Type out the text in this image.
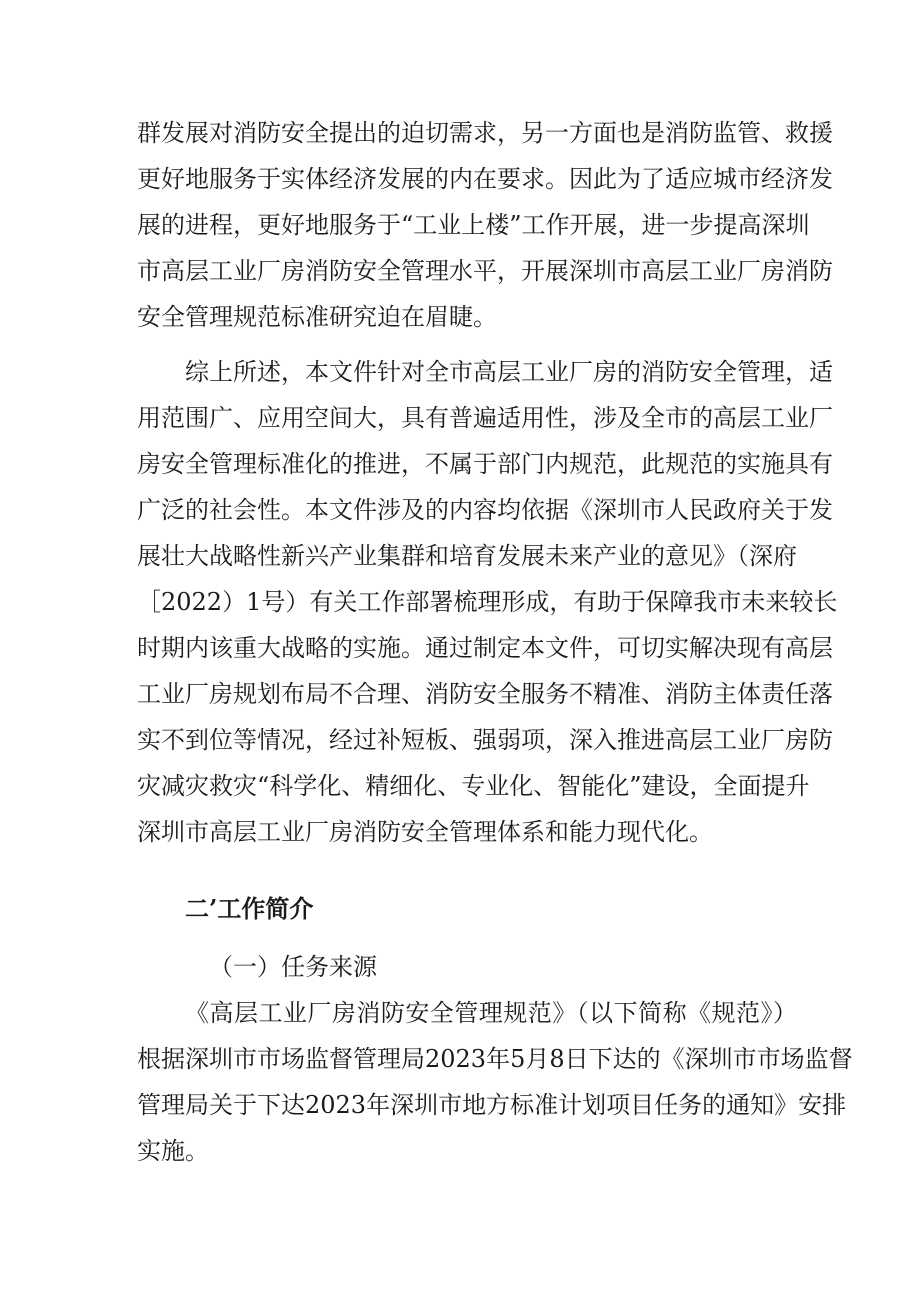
群发展对消防安全提出的迫切需求，另一方面也是消防监管、救援
更好地服务于实体经济发展的内在要求。因此为了适应城市经济发
展的进程，更好地服务于“工业上楼”工作开展，进一步提高深圳
市高层工业厂房消防安全管理水平，开展深圳市高层工业厂房消防
安全管理规范标准研究迫在眉睫。
综上所述，本文件针对全市高层工业厂房的消防安全管理，适
用范围广、应用空间大，具有普遍适用性，涉及全市的高层工业厂
房安全管理标准化的推进，不属于部门内规范，此规范的实施具有
广泛的社会性。本文件涉及的内容均依据《深圳市人民政府关于发
展壮大战略性新兴产业集群和培育发展未来产业的意见》（深府
［2022）1号）有关工作部署梳理形成，有助于保障我市未来较长
时期内该重大战略的实施。通过制定本文件，可切实解决现有高层
工业厂房规划布局不合理、消防安全服务不精准、消防主体责任落
实不到位等情况，经过补短板、强弱项，深入推进高层工业厂房防
灾减灾救灾“科学化、精细化、专业化、智能化”建设，全面提升
深圳市高层工业厂房消防安全管理体系和能力现代化。
二’工作简介
（一）任务来源
《高层工业厂房消防安全管理规范》（以下简称《规范》）
根据深圳市市场监督管理局2023年5月8日下达的《深圳市市场监督
管理局关于下达2023年深圳市地方标准计划项目任务的通知》安排
实施。
